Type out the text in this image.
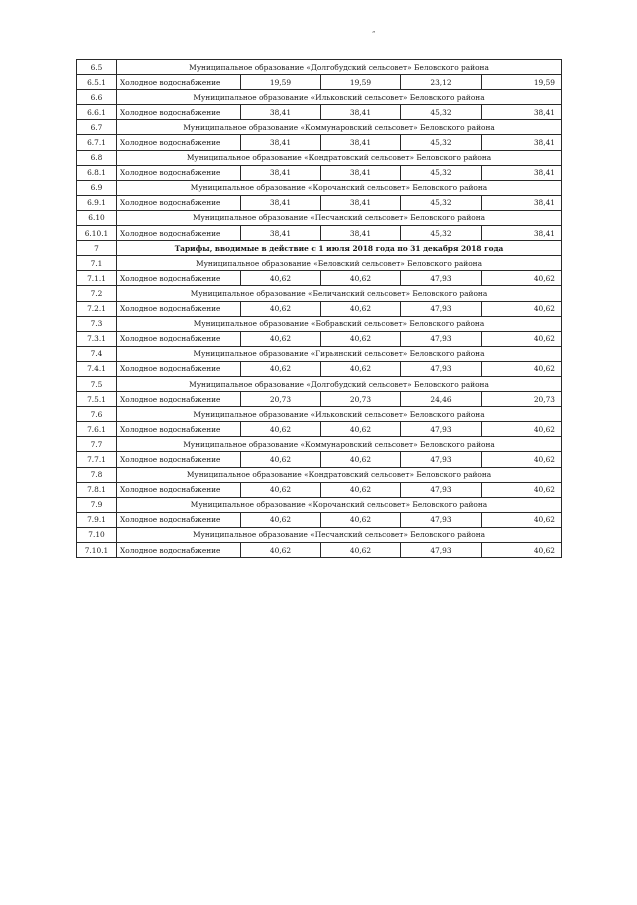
„
6.5	Муниципальное образование «Долгобудский сельсовет» Беловского района				
6.5.1	Холодное водоснабжение	19,59	19,59	23,12	19,59
6.6	Муниципальное образование «Ильковский сельсовет» Беловского района				
6.6.1	Холодное водоснабжение	38,41	38,41	45,32	38,41
6.7	Муниципальное образование «Коммунаровский сельсовет» Беловского района				
6.7.1	Холодное водоснабжение	38,41	38,41	45,32	38,41
6.8	Муниципальное образование «Кондратовский сельсовет» Беловского района				
6.8.1	Холодное водоснабжение	38,41	38,41	45,32	38,41
6.9	Муниципальное образование «Корочанский сельсовет» Беловского района				
6.9.1	Холодное водоснабжение	38,41	38,41	45,32	38,41
6.10	Муниципальное образование «Песчанский сельсовет» Беловского района				
6.10.1	Холодное водоснабжение	38,41	38,41	45,32	38,41
7	Тарифы, вводимые в действие с 1 июля 2018 года по 31 декабря 2018 года				
7.1	Муниципальное образование «Беловский сельсовет» Беловского района				
7.1.1	Холодное водоснабжение	40,62	40,62	47,93	40,62
7.2	Муниципальное образование «Беличанский сельсовет» Беловского района				
7.2.1	Холодное водоснабжение	40,62	40,62	47,93	40,62
7.3	Муниципальное образование «Бобравский сельсовет» Беловского района				
7.3.1	Холодное водоснабжение	40,62	40,62	47,93	40,62
7.4	Муниципальное образование «Гирьянский сельсовет» Беловского района				
7.4.1	Холодное водоснабжение	40,62	40,62	47,93	40,62
7.5	Муниципальное образование «Долгобудский сельсовет» Беловского района				
7.5.1	Холодное водоснабжение	20,73	20,73	24,46	20,73
7.6	Муниципальное образование «Ильковский сельсовет» Беловского района				
7.6.1	Холодное водоснабжение	40,62	40,62	47,93	40,62
7.7	Муниципальное образование «Коммунаровский сельсовет» Беловского района				
7.7.1	Холодное водоснабжение	40,62	40,62	47,93	40,62
7.8	Муниципальное образование «Кондратовский сельсовет» Беловского района				
7.8.1	Холодное водоснабжение	40,62	40,62	47,93	40,62
7.9	Муниципальное образование «Корочанский сельсовет» Беловского района				
7.9.1	Холодное водоснабжение	40,62	40,62	47,93	40,62
7.10	Муниципальное образование «Песчанский сельсовет» Беловского района				
7.10.1	Холодное водоснабжение	40,62	40,62	47,93	40,62
